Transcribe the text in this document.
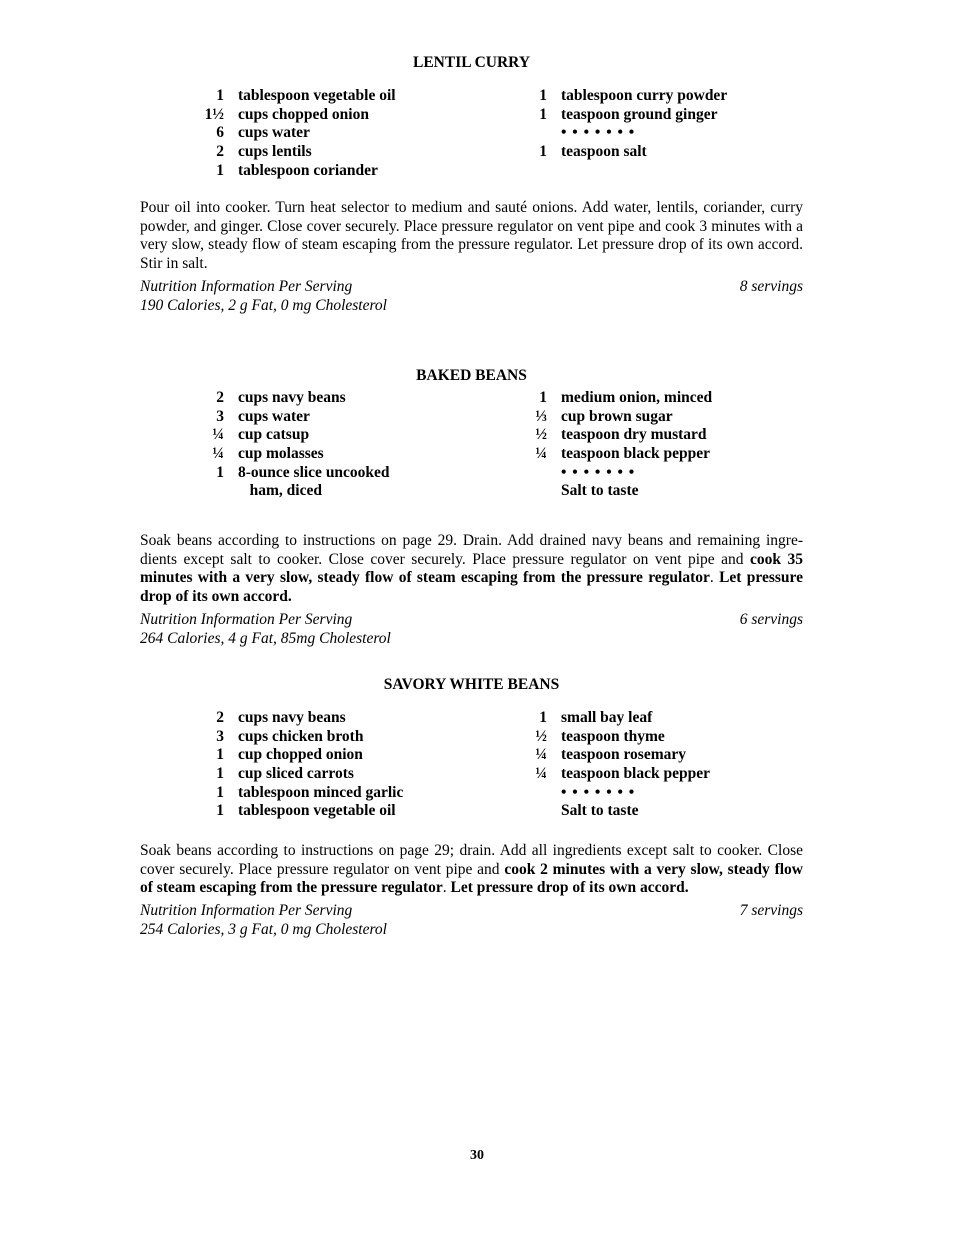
LENTIL CURRY
1 tablespoon vegetable oil
1½ cups chopped onion
6 cups water
2 cups lentils
1 tablespoon coriander
1 tablespoon curry powder
1 teaspoon ground ginger
• • • • • • •
1 teaspoon salt

Pour oil into cooker. Turn heat selector to medium and sauté onions. Add water, lentils, coriander, curry powder, and ginger. Close cover securely. Place pressure regulator on vent pipe and cook 3 minutes with a very slow, steady flow of steam escaping from the pressure regulator. Let pressure drop of its own accord. Stir in salt.

Nutrition Information Per Serving	8 servings
190 Calories, 2 g Fat, 0 mg Cholesterol
BAKED BEANS
2 cups navy beans
3 cups water
¼ cup catsup
¼ cup molasses
1 8-ounce slice uncooked
ham, diced
1 medium onion, minced
⅓ cup brown sugar
½ teaspoon dry mustard
¼ teaspoon black pepper
• • • • • • •
Salt to taste

Soak beans according to instructions on page 29. Drain. Add drained navy beans and remaining ingre-dients except salt to cooker. Close cover securely. Place pressure regulator on vent pipe and cook 35 minutes with a very slow, steady flow of steam escaping from the pressure regulator. Let pressure drop of its own accord.

Nutrition Information Per Serving	6 servings
264 Calories, 4 g Fat, 85mg Cholesterol
SAVORY WHITE BEANS
2 cups navy beans
3 cups chicken broth
1 cup chopped onion
1 cup sliced carrots
1 tablespoon minced garlic
1 tablespoon vegetable oil
1 small bay leaf
½ teaspoon thyme
¼ teaspoon rosemary
¼ teaspoon black pepper
• • • • • • •
Salt to taste

Soak beans according to instructions on page 29; drain. Add all ingredients except salt to cooker. Close cover securely. Place pressure regulator on vent pipe and cook 2 minutes with a very slow, steady flow of steam escaping from the pressure regulator. Let pressure drop of its own accord.

Nutrition Information Per Serving	7 servings
254 Calories, 3 g Fat, 0 mg Cholesterol
30
